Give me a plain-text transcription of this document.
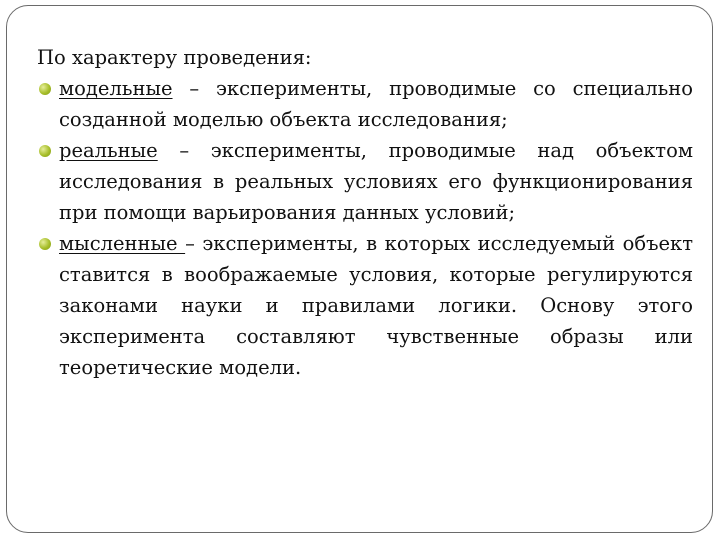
По характеру проведения:

модельные – эксперименты, проводимые со специально созданной моделью объекта исследования;
реальные – эксперименты, проводимые над объектом исследования в реальных условиях его функционирования при помощи варьирования данных условий;
мысленные – эксперименты, в которых исследуемый объект ставится в воображаемые условия, которые регулируются законами науки и правилами логики. Основу этого эксперимента составляют чувственные образы или теоретические модели.
